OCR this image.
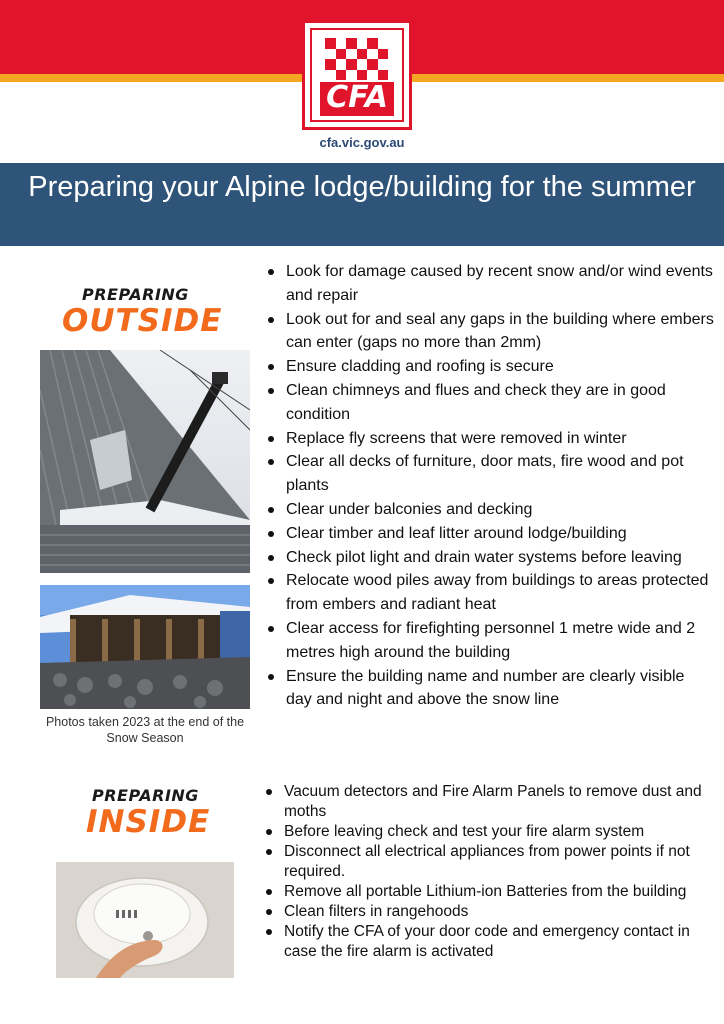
CFA
cfa.vic.gov.au
Preparing your Alpine lodge/building for the summer
PREPARING
OUTSIDE
Photos taken 2023 at the end of the Snow Season
Look for damage caused by recent snow and/or wind events and repair
Look out for and seal any gaps in the building where embers can enter (gaps no more than 2mm)
Ensure cladding and roofing is secure
Clean chimneys and flues and check they are in good condition
Replace fly screens that were removed in winter
Clear all decks of furniture, door mats, fire wood and pot plants
Clear under balconies and decking
Clear timber and leaf litter around lodge/building
Check pilot light and drain water systems before leaving
Relocate wood piles away from buildings to areas protected from embers and radiant heat
Clear access for firefighting personnel 1 metre wide and 2 metres high around the building
Ensure the building name and number are clearly visible day and night and above the snow line
PREPARING
INSIDE
Vacuum detectors and Fire Alarm Panels to remove dust and moths
Before leaving check and test your fire alarm system
Disconnect all electrical appliances from power points if not required.
Remove all portable Lithium-ion Batteries from the building
Clean filters in rangehoods
Notify the CFA of your door code and emergency contact in case the fire alarm is activated
